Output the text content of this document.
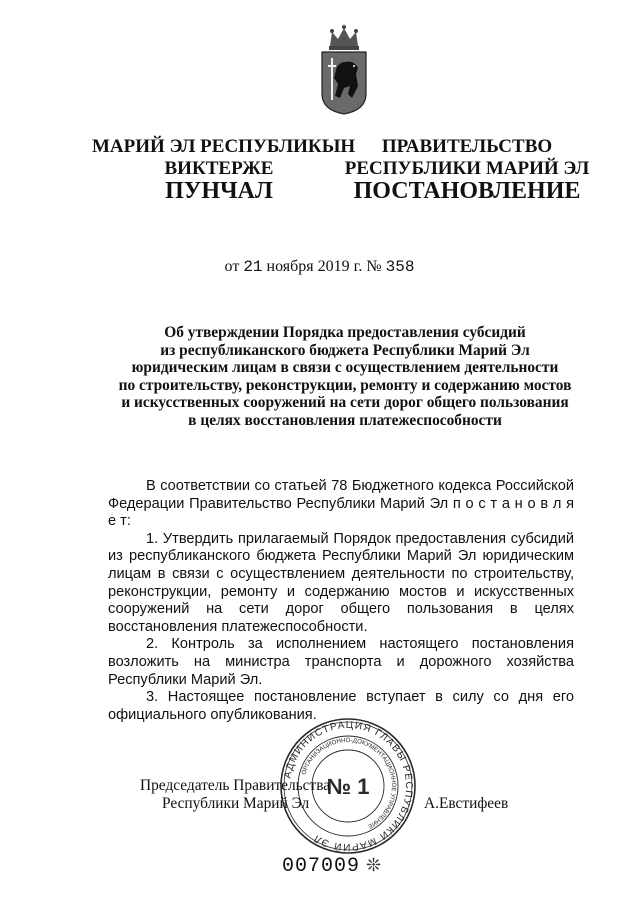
МАРИЙ ЭЛ РЕСПУБЛИКЫН
ВИКТЕРЖЕ
ПУНЧАЛ
ПРАВИТЕЛЬСТВО
РЕСПУБЛИКИ МАРИЙ ЭЛ
ПОСТАНОВЛЕНИЕ
от 21 ноября 2019 г. № 358
Об утверждении Порядка предоставления субсидий
из республиканского бюджета Республики Марий Эл
юридическим лицам в связи с осуществлением деятельности
по строительству, реконструкции, ремонту и содержанию мостов
и искусственных сооружений на сети дорог общего пользования
в целях восстановления платежеспособности

В соответствии со статьей 78 Бюджетного кодекса Российской Федерации Правительство Республики Марий Эл п о с т а н о в л я е т:

1. Утвердить прилагаемый Порядок предоставления субсидий из республиканского бюджета Республики Марий Эл юридическим лицам в связи с осуществлением деятельности по строительству, реконструкции, ремонту и содержанию мостов и искусственных сооружений на сети дорог общего пользования в целях восстановления платежеспособности.

2. Контроль за исполнением настоящего постановления возложить на министра транспорта и дорожного хозяйства Республики Марий Эл.

3. Настоящее постановление вступает в силу со дня его официального опубликования.

АДМИНИСТРАЦИЯ ГЛАВЫ РЕСПУБЛИКИ МАРИЙ ЭЛ
ОРГАНИЗАЦИОННО-ДОКУМЕНТАЦИОННОЕ УПРАВЛЕНИЕ
№ 1
Председатель Правительства
Республики Марий Эл	А.Евстифеев
007009 ❊
